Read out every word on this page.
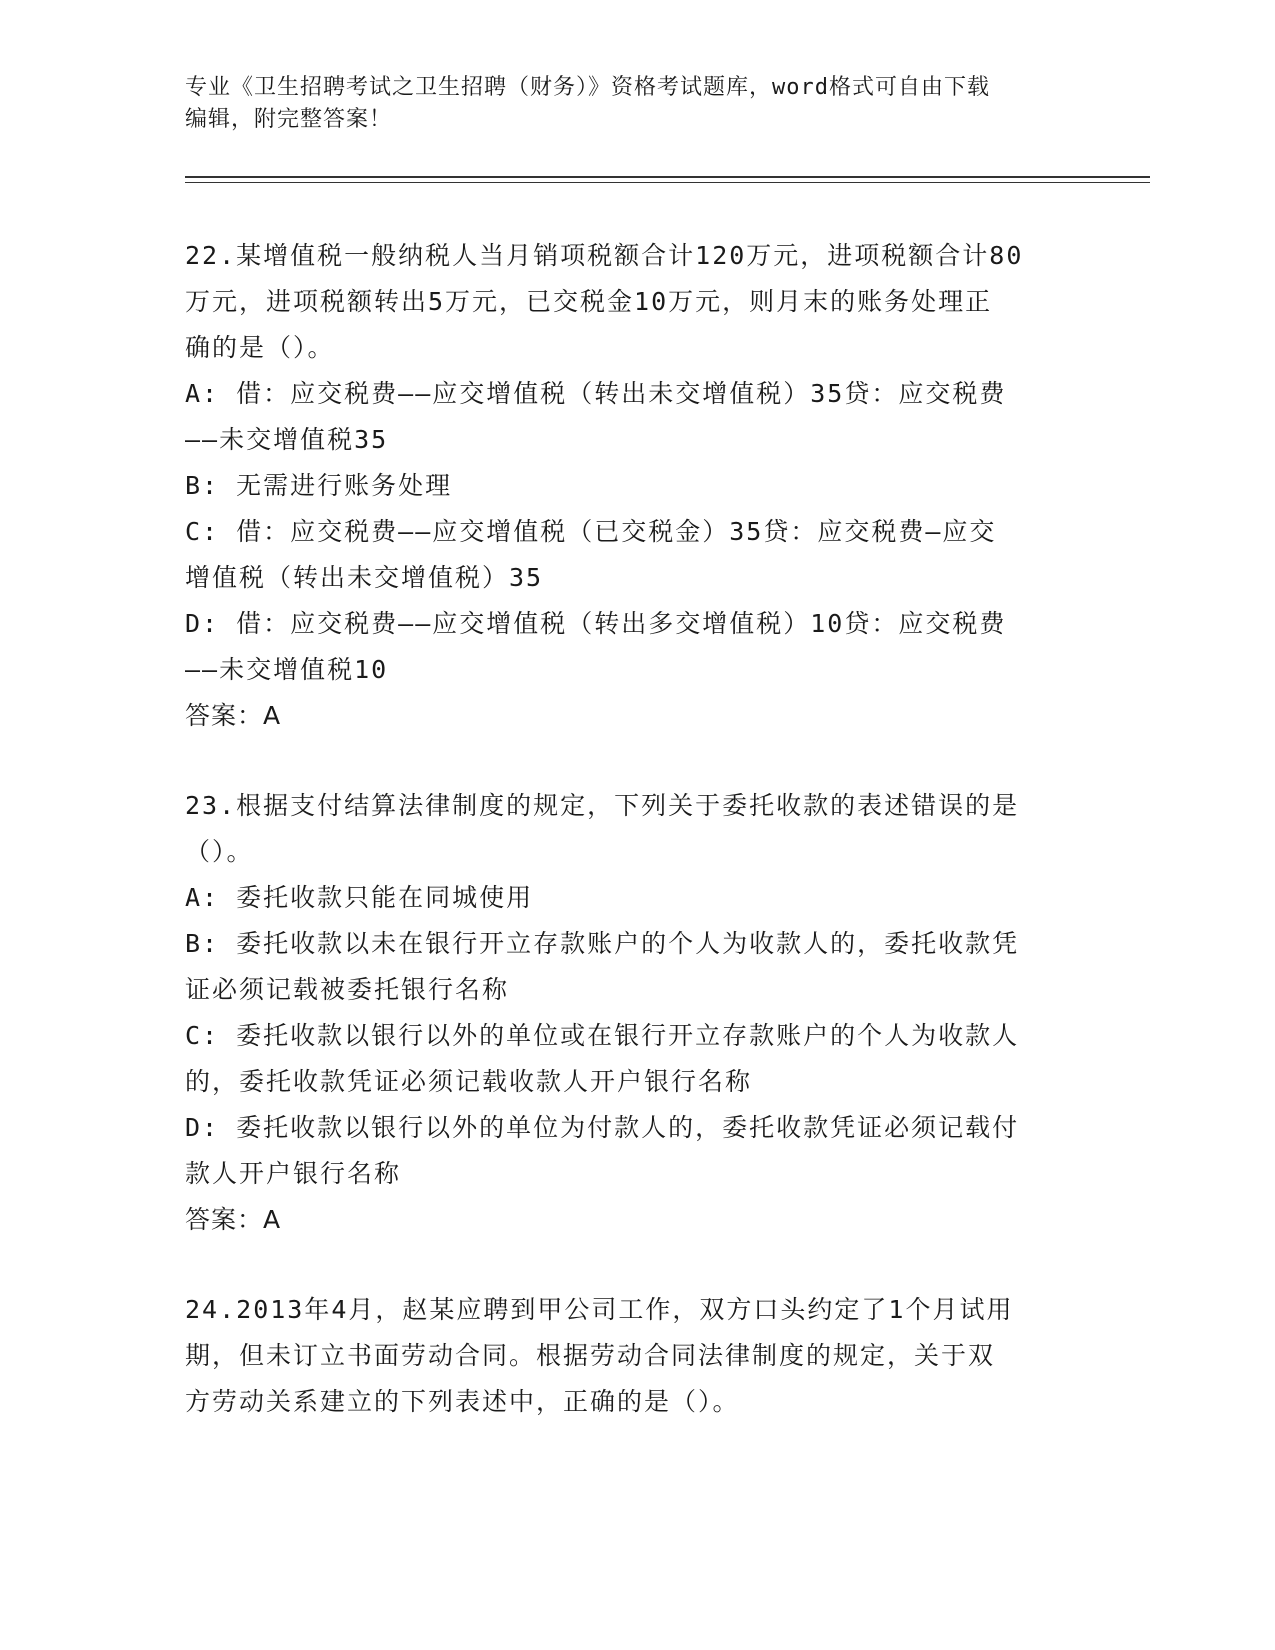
专业《卫生招聘考试之卫生招聘（财务）》资格考试题库，word格式可自由下载
编辑，附完整答案！
22.某增值税一般纳税人当月销项税额合计120万元，进项税额合计80
万元，进项税额转出5万元，已交税金10万元，则月末的账务处理正
确的是（）。
A: 借：应交税费——应交增值税（转出未交增值税）35贷：应交税费
——未交增值税35
B: 无需进行账务处理
C: 借：应交税费——应交增值税（已交税金）35贷：应交税费—应交
增值税（转出未交增值税）35
D: 借：应交税费——应交增值税（转出多交增值税）10贷：应交税费
——未交增值税10
答案：A
23.根据支付结算法律制度的规定，下列关于委托收款的表述错误的是
（）。
A: 委托收款只能在同城使用
B: 委托收款以未在银行开立存款账户的个人为收款人的，委托收款凭
证必须记载被委托银行名称
C: 委托收款以银行以外的单位或在银行开立存款账户的个人为收款人
的，委托收款凭证必须记载收款人开户银行名称
D: 委托收款以银行以外的单位为付款人的，委托收款凭证必须记载付
款人开户银行名称
答案：A
24.2013年4月，赵某应聘到甲公司工作，双方口头约定了1个月试用
期，但未订立书面劳动合同。根据劳动合同法律制度的规定，关于双
方劳动关系建立的下列表述中，正确的是（）。
